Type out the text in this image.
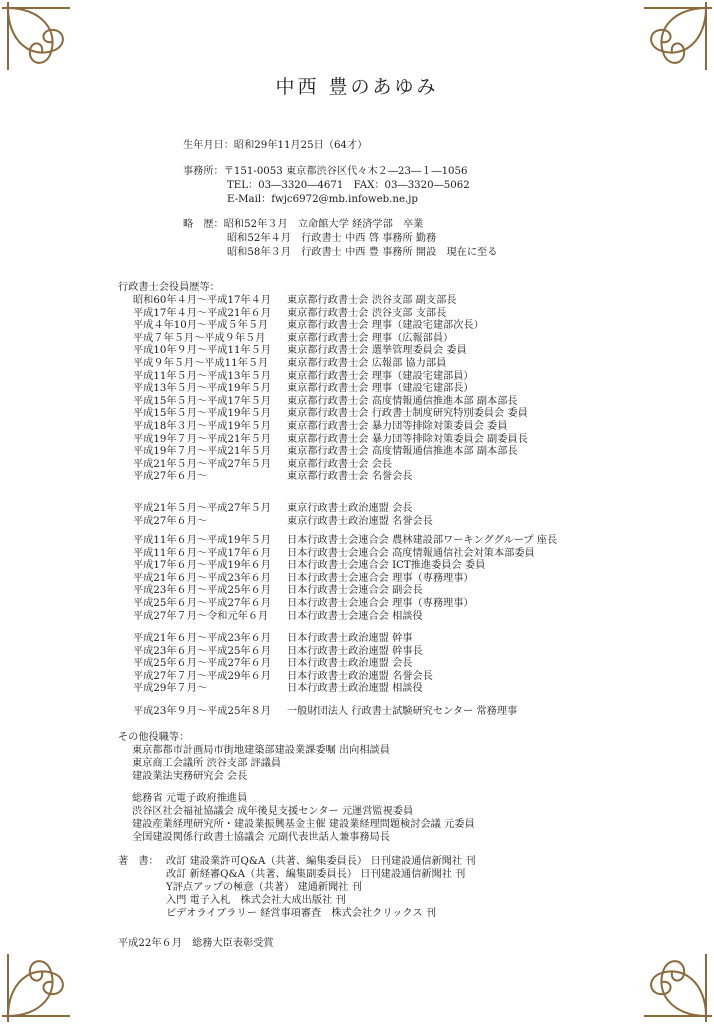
中西 豊のあゆみ
生年月日：昭和29年11月25日（64才）
事務所：〒151-0053 東京都渋谷区代々木２―23―１―1056
TEL：03―3320―4671　FAX：03―3320―5062
E-Mail：fwjc6972@mb.infoweb.ne.jp
略　歴：昭和52年３月　立命館大学 経済学部　卒業
昭和52年４月　行政書士 中西 啓 事務所 勤務
昭和58年３月　行政書士 中西 豊 事務所 開設　現在に至る
行政書士会役員歴等：
昭和60年４月～平成17年４月 東京都行政書士会 渋谷支部 副支部長
平成17年４月～平成21年６月 東京都行政書士会 渋谷支部 支部長
平成４年10月～平成５年５月 東京都行政書士会 理事（建設宅建部次長）
平成７年５月～平成９年５月 東京都行政書士会 理事（広報部員）
平成10年９月～平成11年５月 東京都行政書士会 選挙管理委員会 委員
平成９年５月～平成11年５月 東京都行政書士会 広報部 協力部員
平成11年５月～平成13年５月 東京都行政書士会 理事（建設宅建部員）
平成13年５月～平成19年５月 東京都行政書士会 理事（建設宅建部長）
平成15年５月～平成17年５月 東京都行政書士会 高度情報通信推進本部 副本部長
平成15年５月～平成19年５月 東京都行政書士会 行政書士制度研究特別委員会 委員
平成18年３月～平成19年５月 東京都行政書士会 暴力団等排除対策委員会 委員
平成19年７月～平成21年５月 東京都行政書士会 暴力団等排除対策委員会 副委員長
平成19年７月～平成21年５月 東京都行政書士会 高度情報通信推進本部 副本部長
平成21年５月～平成27年５月 東京都行政書士会 会長
平成27年６月～	東京都行政書士会 名誉会長
平成21年５月～平成27年５月 東京行政書士政治連盟 会長
平成27年６月～	東京行政書士政治連盟 名誉会長
平成11年６月～平成19年５月 日本行政書士会連合会 農林建設部ワーキンググループ 座長
平成11年６月～平成17年６月 日本行政書士会連合会 高度情報通信社会対策本部委員
平成17年６月～平成19年６月 日本行政書士会連合会 ICT推進委員会 委員
平成21年６月～平成23年６月 日本行政書士会連合会 理事（専務理事）
平成23年６月～平成25年６月 日本行政書士会連合会 副会長
平成25年６月～平成27年６月 日本行政書士会連合会 理事（専務理事）
平成27年７月～令和元年６月 日本行政書士会連合会 相談役
平成21年６月～平成23年６月 日本行政書士政治連盟 幹事
平成23年６月～平成25年６月 日本行政書士政治連盟 幹事長
平成25年６月～平成27年６月 日本行政書士政治連盟 会長
平成27年７月～平成29年６月 日本行政書士政治連盟 名誉会長
平成29年７月～	日本行政書士政治連盟 相談役
平成23年９月～平成25年８月 一般財団法人 行政書士試験研究センター 常務理事
その他役職等：
東京都都市計画局市街地建築部建設業課委嘱 出向相談員
東京商工会議所 渋谷支部 評議員
建設業法実務研究会 会長
総務省 元電子政府推進員
渋谷区社会福祉協議会 成年後見支援センター 元運営監視委員
建設産業経理研究所・建設業振興基金主催 建設業経理問題検討会議 元委員
全国建設関係行政書士協議会 元副代表世話人兼事務局長
著　書： 改訂 建設業許可Q&A（共著、編集委員長） 日刊建設通信新聞社 刊
改訂 新経審Q&A（共著、編集副委員長） 日刊建設通信新聞社 刊
Y評点アップの極意（共著） 建通新聞社 刊
入門 電子入札　株式会社大成出版社 刊
ビデオライブラリー 経営事項審査　株式会社クリックス 刊
平成22年６月　総務大臣表彰受賞
